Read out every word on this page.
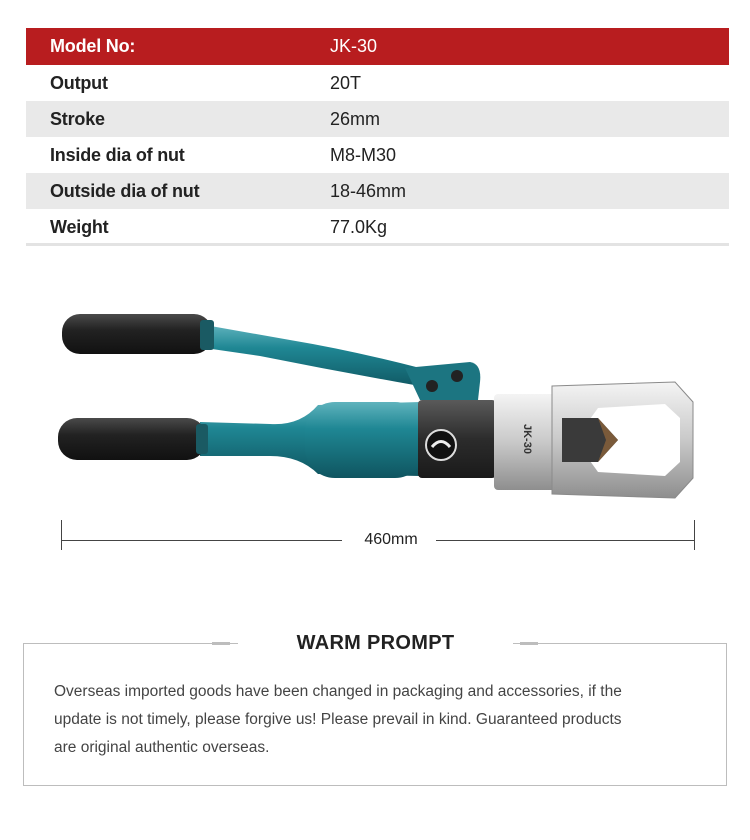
Model No:	JK-30
Output	20T
Stroke	26mm
Inside dia of nut	M8-M30
Outside dia of nut	18-46mm
Weight	77.0Kg
JK-30
460mm
WARM PROMPT
Overseas imported goods have been changed in packaging and accessories, if the
update is not timely, please forgive us! Please prevail in kind. Guaranteed products
are original authentic overseas.
